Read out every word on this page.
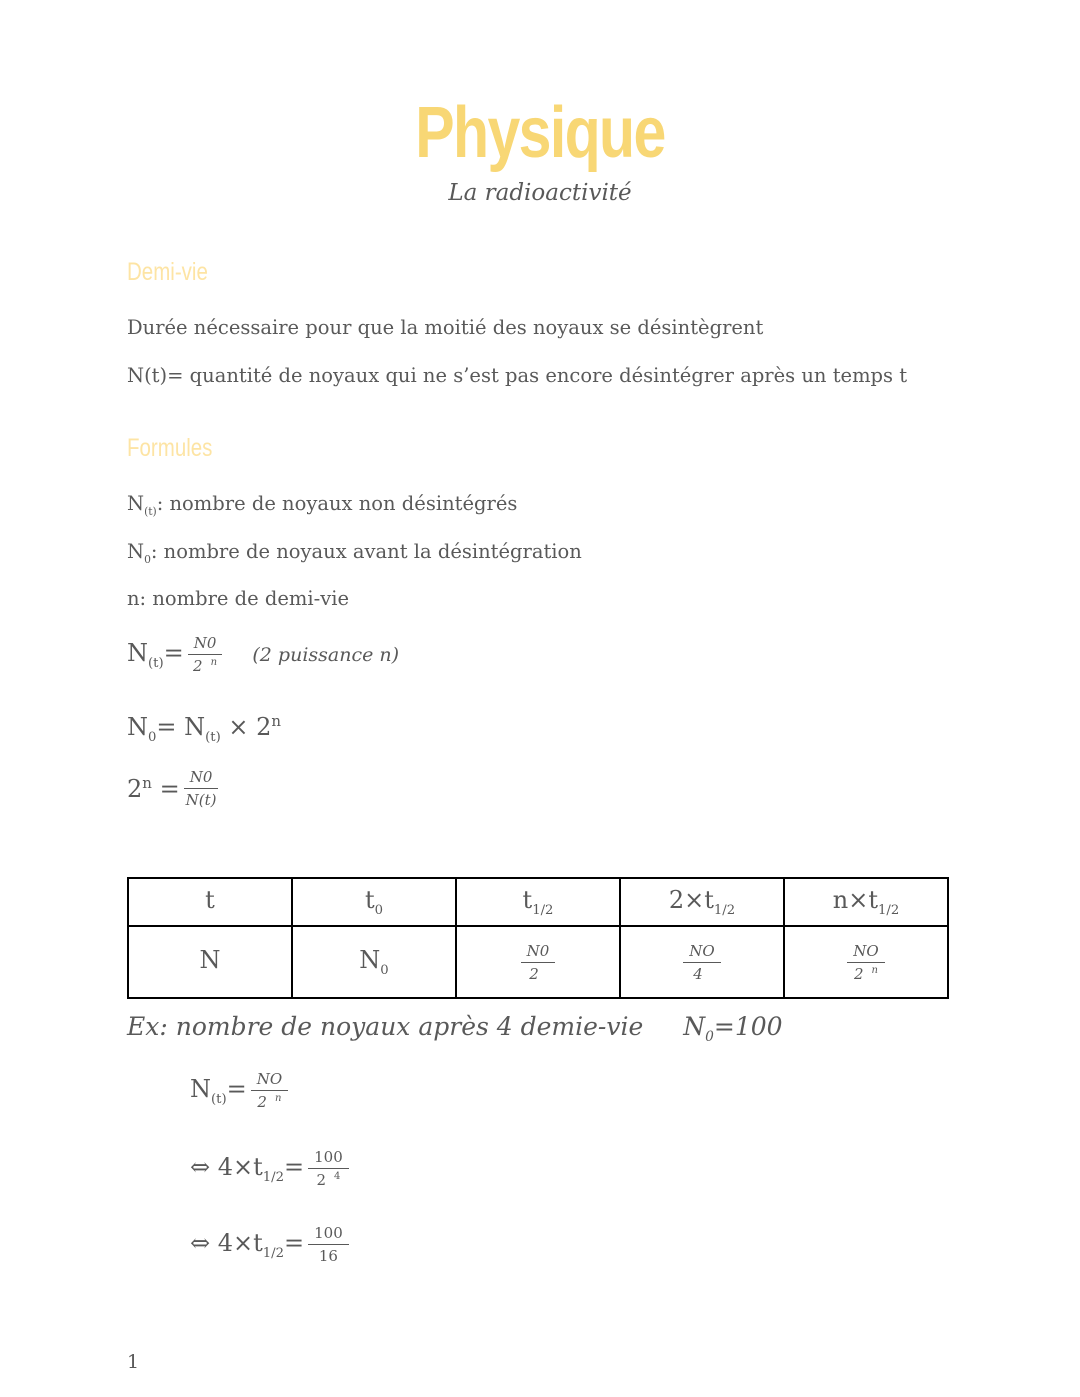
Physique
La radioactivité
Demi-vie
Durée nécessaire pour que la moitié des noyaux se désintègrent
N(t)= quantité de noyaux qui ne s’est pas encore désintégrer après un temps t
Formules
$N_{(t)}$: nombre de noyaux non désintégrés
$N_0$: nombre de noyaux avant la désintégration
n: nombre de demi-vie
$N_{(t)}= \frac{N0}{2 ^n} (2$ puissance n)
$N_0= N_{(t)} \times 2^n$
$2^n = \frac{N0}{N(t)}$
t	$t_0$	$t_{1/2}$	$2\times t_{1/2}$	$n\times t_{1/2}$
N	$N_0$	$\frac{N0}{2}$	$\frac{NO}{4}$	$\frac{NO}{2 ^n}$
Ex: nombre de noyaux après 4 demie-vie $N_0=100$
$N_{(t)}= \frac{NO}{2 ^n}$
⇔ $4\times t_{1/2}= \frac{100}{2 ^4}$
⇔ $4\times t_{1/2}= \frac{100}{16}$
1
